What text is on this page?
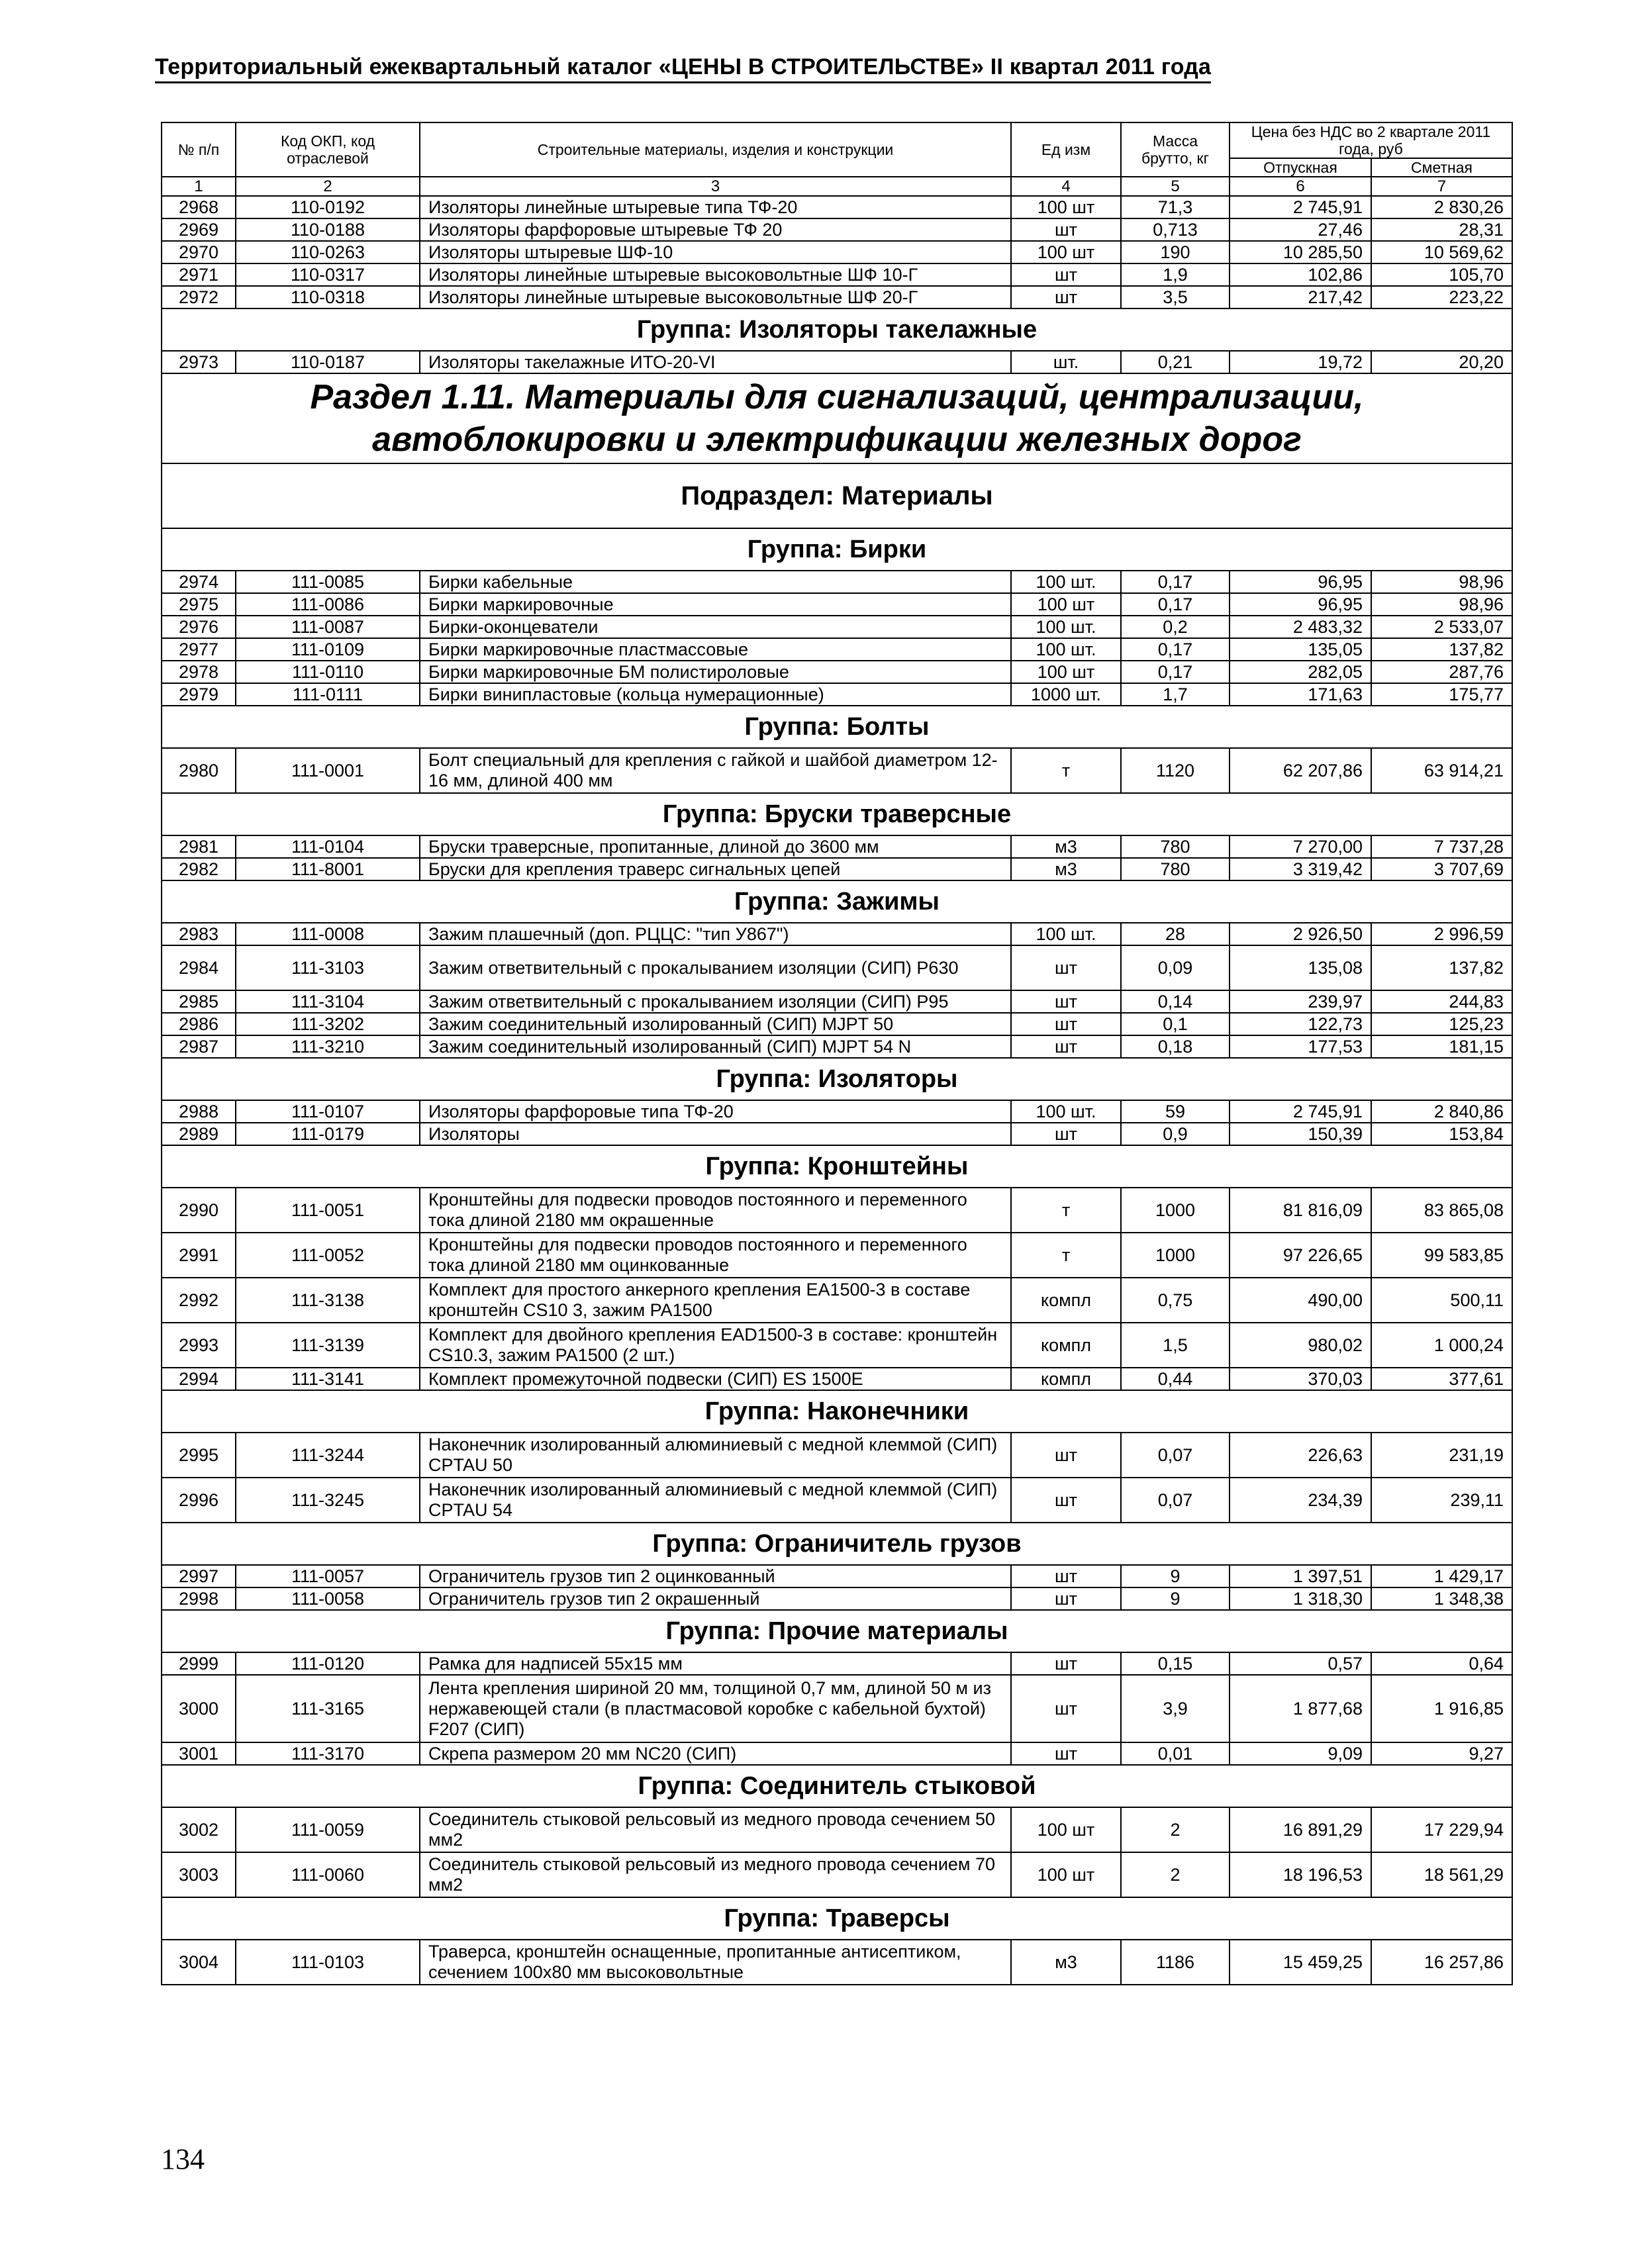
Территориальный ежеквартальный каталог «ЦЕНЫ В СТРОИТЕЛЬСТВЕ» II квартал 2011 года
№ п/п	Код ОКП, код отраслевой	Строительные материалы, изделия и конструкции	Ед изм	Масса брутто, кг	Цена без НДС во 2 квартале 2011 года, руб	
					Отпускная	Сметная
1	2	3	4	5	6	7
2968	110-0192	Изоляторы линейные штыревые типа ТФ-20	100 шт	71,3	2 745,91	2 830,26
2969	110-0188	Изоляторы фарфоровые штыревые ТФ 20	шт	0,713	27,46	28,31
2970	110-0263	Изоляторы штыревые ШФ-10	100 шт	190	10 285,50	10 569,62
2971	110-0317	Изоляторы линейные штыревые высоковольтные ШФ 10-Г	шт	1,9	102,86	105,70
2972	110-0318	Изоляторы линейные штыревые высоковольтные ШФ 20-Г	шт	3,5	217,42	223,22
Группа: Изоляторы такелажные						
2973	110-0187	Изоляторы такелажные ИТО-20-VI	шт.	0,21	19,72	20,20
Раздел 1.11. Материалы для сигнализаций, централизации, автоблокировки и электрификации железных дорог						
Подраздел: Материалы						
Группа: Бирки						
2974	111-0085	Бирки кабельные	100 шт.	0,17	96,95	98,96
2975	111-0086	Бирки маркировочные	100 шт	0,17	96,95	98,96
2976	111-0087	Бирки-оконцеватели	100 шт.	0,2	2 483,32	2 533,07
2977	111-0109	Бирки маркировочные пластмассовые	100 шт.	0,17	135,05	137,82
2978	111-0110	Бирки маркировочные БМ полистироловые	100 шт	0,17	282,05	287,76
2979	111-0111	Бирки винипластовые (кольца нумерационные)	1000 шт.	1,7	171,63	175,77
Группа: Болты						
2980	111-0001	Болт специальный для крепления с гайкой и шайбой диаметром 12-16 мм, длиной 400 мм	т	1120	62 207,86	63 914,21
Группа: Бруски траверсные						
2981	111-0104	Бруски траверсные, пропитанные, длиной до 3600 мм	м3	780	7 270,00	7 737,28
2982	111-8001	Бруски для крепления траверс сигнальных цепей	м3	780	3 319,42	3 707,69
Группа: Зажимы						
2983	111-0008	Зажим плашечный (доп. РЦЦС: "тип У867")	100 шт.	28	2 926,50	2 996,59
2984	111-3103	Зажим ответвительный с прокалыванием изоляции (СИП) Р630	шт	0,09	135,08	137,82
2985	111-3104	Зажим ответвительный с прокалыванием изоляции (СИП) Р95	шт	0,14	239,97	244,83
2986	111-3202	Зажим соединительный изолированный (СИП) MJPT 50	шт	0,1	122,73	125,23
2987	111-3210	Зажим соединительный изолированный (СИП) MJPT 54 N	шт	0,18	177,53	181,15
Группа: Изоляторы						
2988	111-0107	Изоляторы фарфоровые типа ТФ-20	100 шт.	59	2 745,91	2 840,86
2989	111-0179	Изоляторы	шт	0,9	150,39	153,84
Группа: Кронштейны						
2990	111-0051	Кронштейны для подвески проводов постоянного и переменного тока длиной 2180 мм окрашенные	т	1000	81 816,09	83 865,08
2991	111-0052	Кронштейны для подвески проводов постоянного и переменного тока длиной 2180 мм оцинкованные	т	1000	97 226,65	99 583,85
2992	111-3138	Комплект для простого анкерного крепления EA1500-3 в составе кронштейн CS10 3, зажим PA1500	компл	0,75	490,00	500,11
2993	111-3139	Комплект для двойного крепления EAD1500-3 в составе: кронштейн CS10.3, зажим PA1500 (2 шт.)	компл	1,5	980,02	1 000,24
2994	111-3141	Комплект промежуточной подвески (СИП) ES 1500E	компл	0,44	370,03	377,61
Группа: Наконечники						
2995	111-3244	Наконечник изолированный алюминиевый с медной клеммой (СИП) CPTAU 50	шт	0,07	226,63	231,19
2996	111-3245	Наконечник изолированный алюминиевый с медной клеммой (СИП) CPTAU 54	шт	0,07	234,39	239,11
Группа: Ограничитель грузов						
2997	111-0057	Ограничитель грузов тип 2 оцинкованный	шт	9	1 397,51	1 429,17
2998	111-0058	Ограничитель грузов тип 2 окрашенный	шт	9	1 318,30	1 348,38
Группа: Прочие материалы						
2999	111-0120	Рамка для надписей 55х15 мм	шт	0,15	0,57	0,64
3000	111-3165	Лента крепления шириной 20 мм, толщиной 0,7 мм, длиной 50 м из нержавеющей стали (в пластмасовой коробке с кабельной бухтой) F207 (СИП)	шт	3,9	1 877,68	1 916,85
3001	111-3170	Скрепа размером 20 мм NC20 (СИП)	шт	0,01	9,09	9,27
Группа: Соединитель стыковой						
3002	111-0059	Соединитель стыковой рельсовый из медного провода сечением 50 мм2	100 шт	2	16 891,29	17 229,94
3003	111-0060	Соединитель стыковой рельсовый из медного провода сечением 70 мм2	100 шт	2	18 196,53	18 561,29
Группа: Траверсы						
3004	111-0103	Траверса, кронштейн оснащенные, пропитанные антисептиком, сечением 100х80 мм высоковольтные	м3	1186	15 459,25	16 257,86
134
